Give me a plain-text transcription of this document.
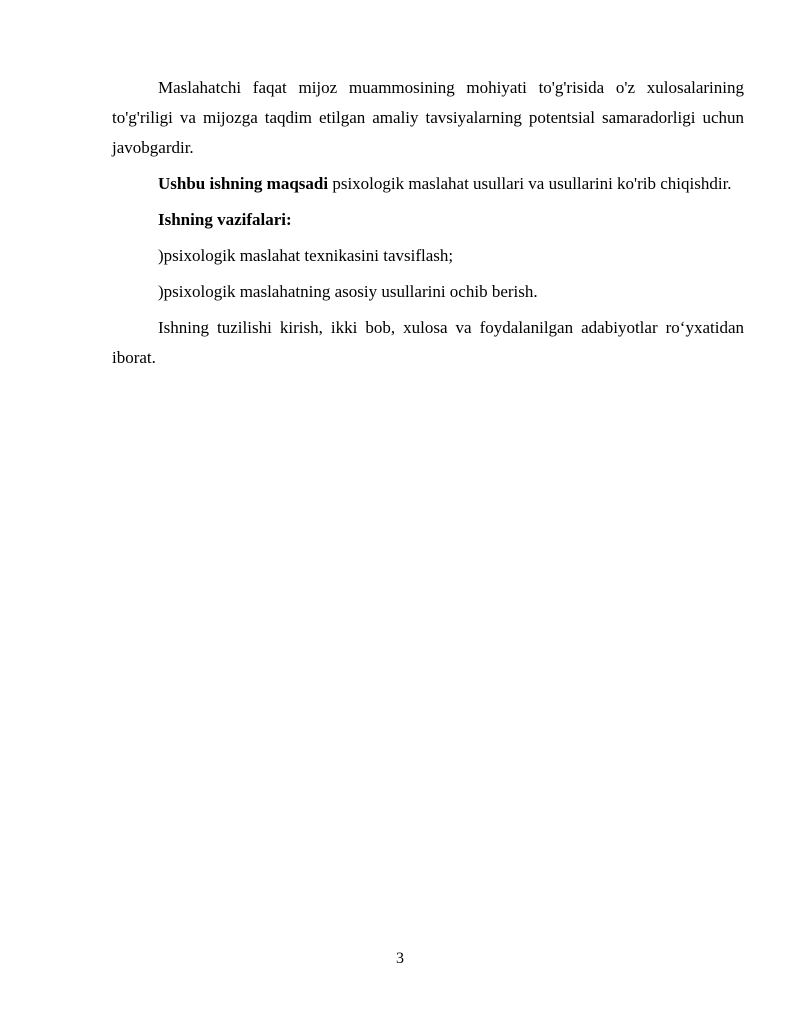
Maslahatchi faqat mijoz muammosining mohiyati to'g'risida o'z xulosalarining to'g'riligi va mijozga taqdim etilgan amaliy tavsiyalarning potentsial samaradorligi uchun javobgardir.

Ushbu ishning maqsadi psixologik maslahat usullari va usullarini ko'rib chiqishdir.

Ishning vazifalari:

)psixologik maslahat texnikasini tavsiflash;

)psixologik maslahatning asosiy usullarini ochib berish.

Ishning tuzilishi kirish, ikki bob, xulosa va foydalanilgan adabiyotlar ro‘yxatidan iborat.

3
